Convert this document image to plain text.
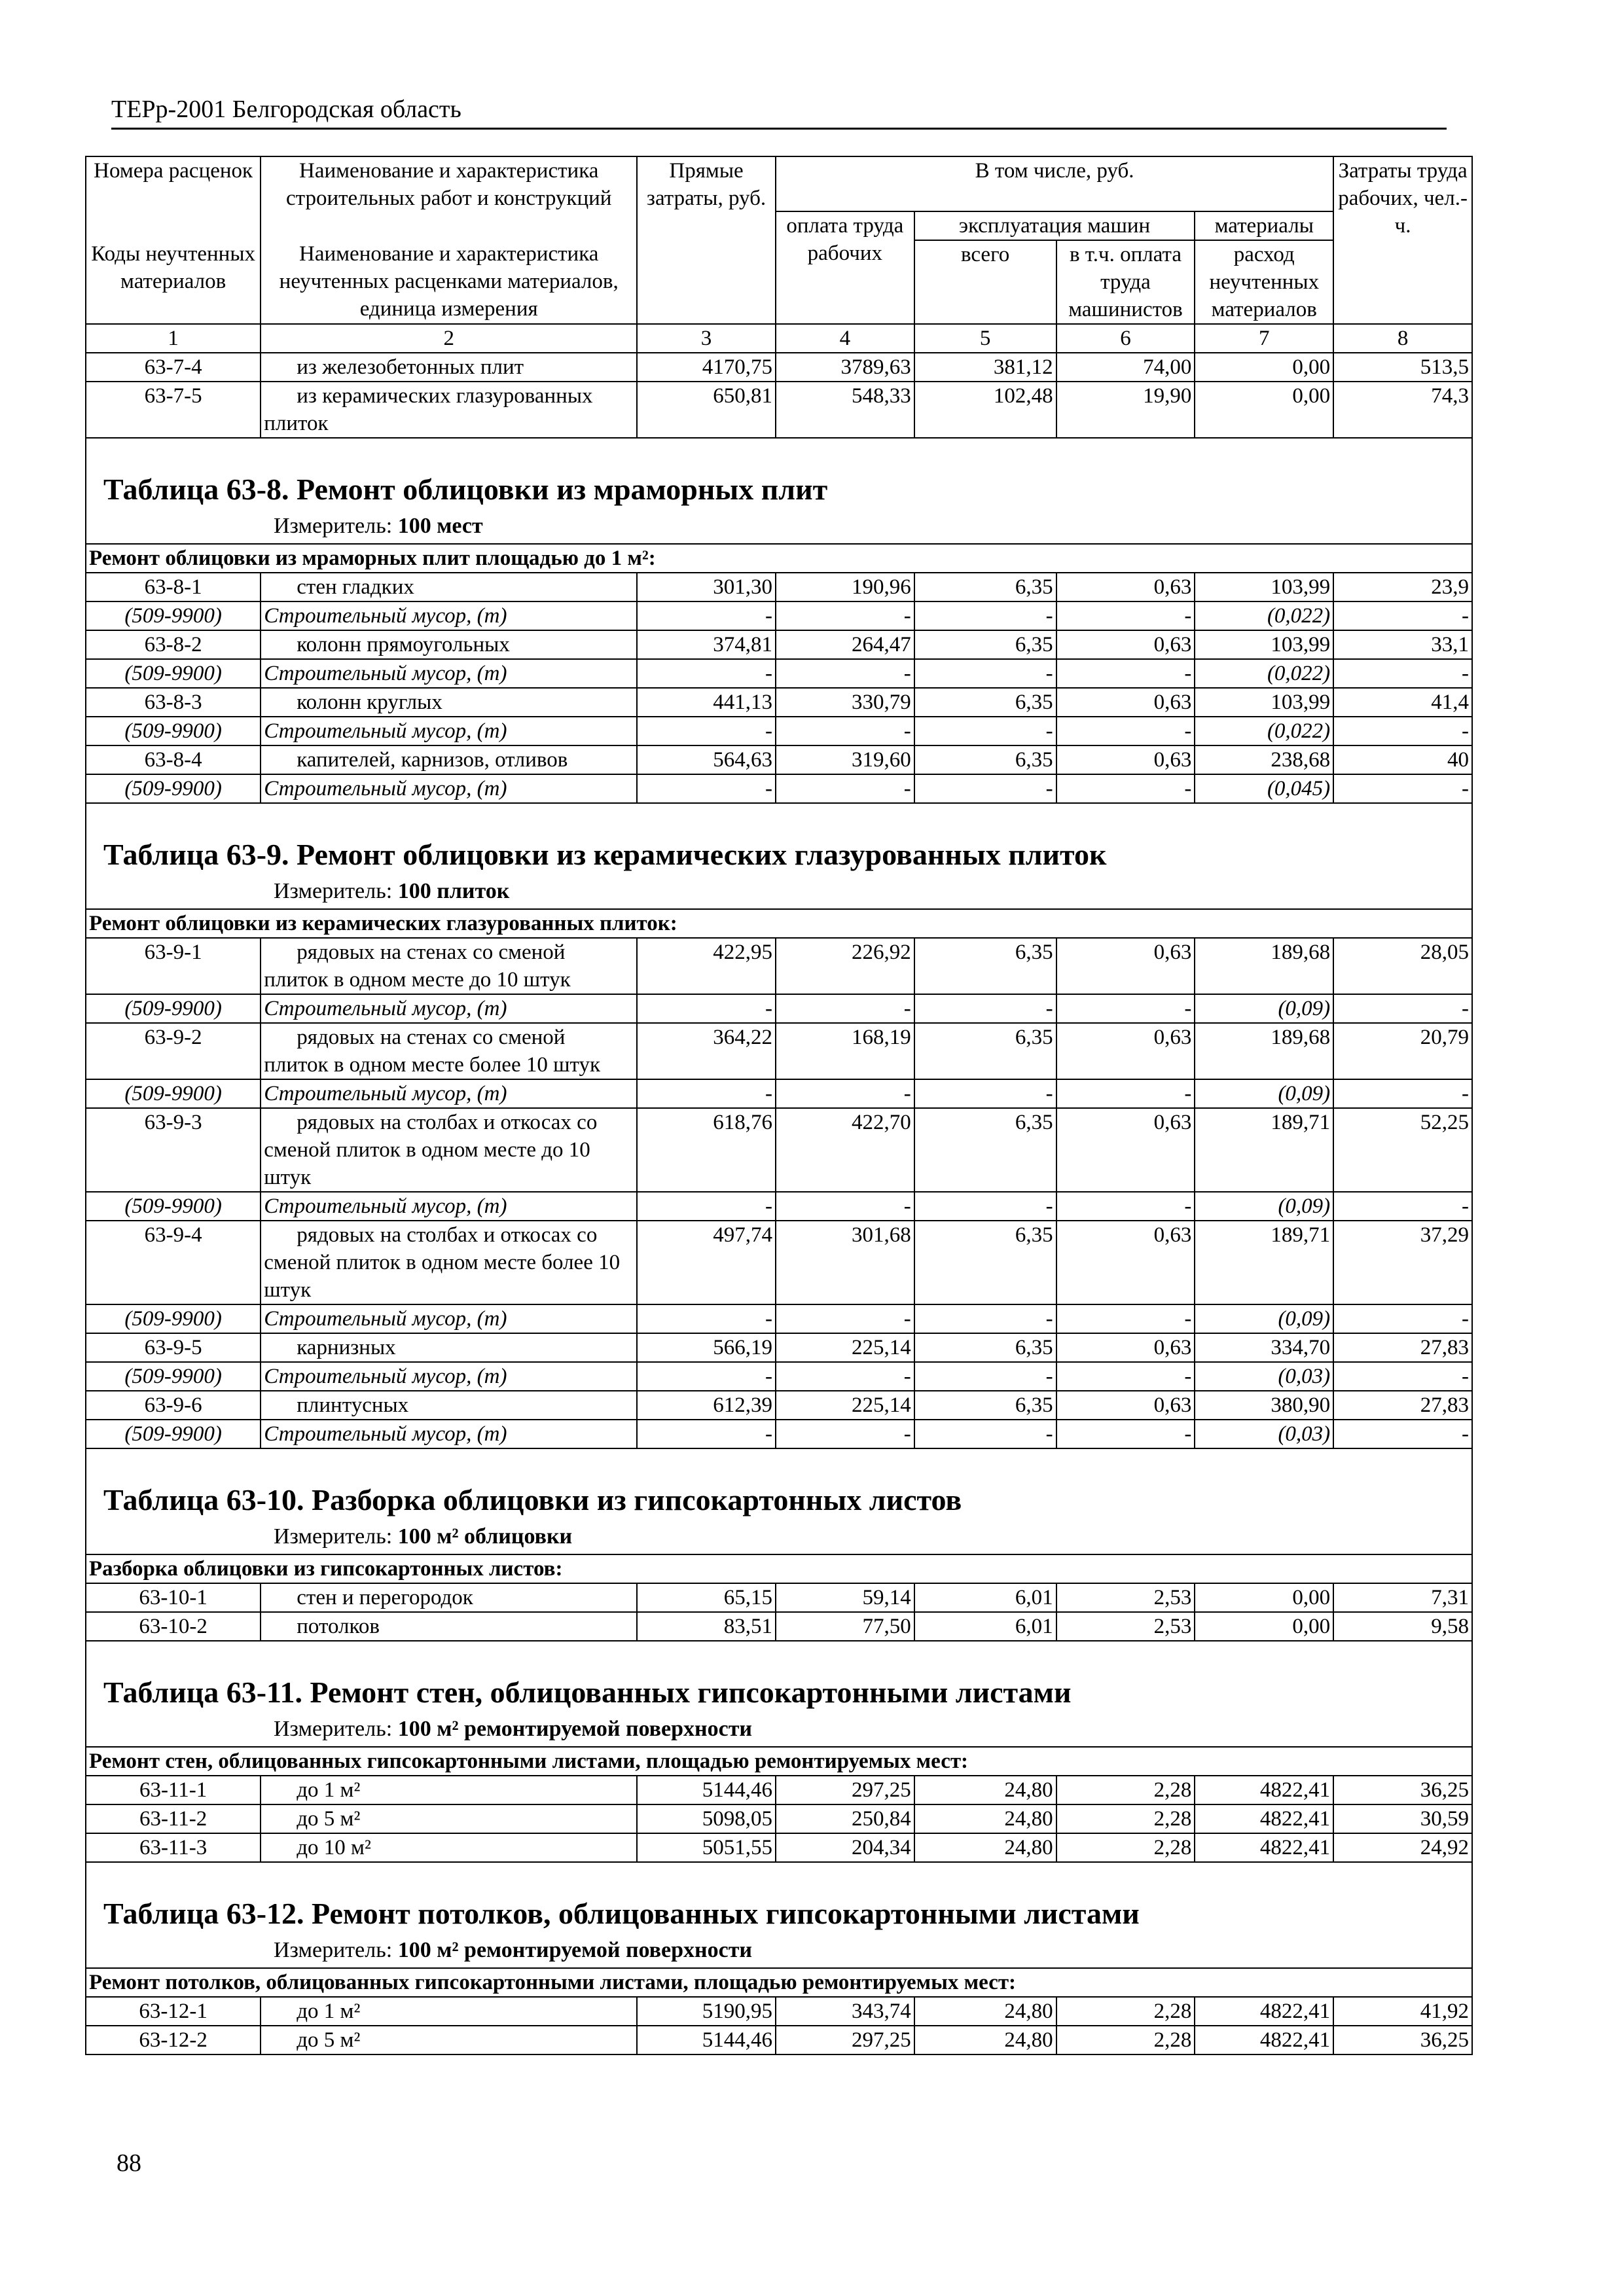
ТЕРр-2001 Белгородская область
Номера расценок	Наименование и характеристика строительных работ и конструкций	Прямые затраты, руб.	В том числе, руб.				Затраты труда рабочих, чел.-ч.
			оплата труда рабочих	эксплуатация машин		материалы	
Коды неучтенных материалов	Наименование и характеристика неучтенных расценками материалов, единица измерения			всего	в т.ч. оплата труда машинистов	расход неучтенных материалов	

1	2	3	4	5	6	7	8
63-7-4	из железобетонных плит	4170,75	3789,63	381,12	74,00	0,00	513,5
63-7-5	из керамических глазурованных плиток	650,81	548,33	102,48	19,90	0,00	74,3

Таблица 63-8. Ремонт облицовки из мраморных плит
Измеритель: 100 мест							

Ремонт облицовки из мраморных плит площадью до 1 м²:							
63-8-1	стен гладких	301,30	190,96	6,35	0,63	103,99	23,9
(509-9900)	Строительный мусор, (т)	-	-	-	-	(0,022)	-
63-8-2	колонн прямоугольных	374,81	264,47	6,35	0,63	103,99	33,1
(509-9900)	Строительный мусор, (т)	-	-	-	-	(0,022)	-
63-8-3	колонн круглых	441,13	330,79	6,35	0,63	103,99	41,4
(509-9900)	Строительный мусор, (т)	-	-	-	-	(0,022)	-
63-8-4	капителей, карнизов, отливов	564,63	319,60	6,35	0,63	238,68	40
(509-9900)	Строительный мусор, (т)	-	-	-	-	(0,045)	-

Таблица 63-9. Ремонт облицовки из керамических глазурованных плиток
Измеритель: 100 плиток							

Ремонт облицовки из керамических глазурованных плиток:							
63-9-1	рядовых на стенах со сменой плиток в одном месте до 10 штук	422,95	226,92	6,35	0,63	189,68	28,05
(509-9900)	Строительный мусор, (т)	-	-	-	-	(0,09)	-
63-9-2	рядовых на стенах со сменой плиток в одном месте более 10 штук	364,22	168,19	6,35	0,63	189,68	20,79
(509-9900)	Строительный мусор, (т)	-	-	-	-	(0,09)	-
63-9-3	рядовых на столбах и откосах со сменой плиток в одном месте до 10 штук	618,76	422,70	6,35	0,63	189,71	52,25
(509-9900)	Строительный мусор, (т)	-	-	-	-	(0,09)	-
63-9-4	рядовых на столбах и откосах со сменой плиток в одном месте более 10 штук	497,74	301,68	6,35	0,63	189,71	37,29
(509-9900)	Строительный мусор, (т)	-	-	-	-	(0,09)	-
63-9-5	карнизных	566,19	225,14	6,35	0,63	334,70	27,83
(509-9900)	Строительный мусор, (т)	-	-	-	-	(0,03)	-
63-9-6	плинтусных	612,39	225,14	6,35	0,63	380,90	27,83
(509-9900)	Строительный мусор, (т)	-	-	-	-	(0,03)	-

Таблица 63-10. Разборка облицовки из гипсокартонных листов
Измеритель: 100 м² облицовки							

Разборка облицовки из гипсокартонных листов:							
63-10-1	стен и перегородок	65,15	59,14	6,01	2,53	0,00	7,31
63-10-2	потолков	83,51	77,50	6,01	2,53	0,00	9,58

Таблица 63-11. Ремонт стен, облицованных гипсокартонными листами
Измеритель: 100 м² ремонтируемой поверхности							

Ремонт стен, облицованных гипсокартонными листами, площадью ремонтируемых мест:							
63-11-1	до 1 м²	5144,46	297,25	24,80	2,28	4822,41	36,25
63-11-2	до 5 м²	5098,05	250,84	24,80	2,28	4822,41	30,59
63-11-3	до 10 м²	5051,55	204,34	24,80	2,28	4822,41	24,92

Таблица 63-12. Ремонт потолков, облицованных гипсокартонными листами
Измеритель: 100 м² ремонтируемой поверхности							

Ремонт потолков, облицованных гипсокартонными листами, площадью ремонтируемых мест:							
63-12-1	до 1 м²	5190,95	343,74	24,80	2,28	4822,41	41,92
63-12-2	до 5 м²	5144,46	297,25	24,80	2,28	4822,41	36,25
88
